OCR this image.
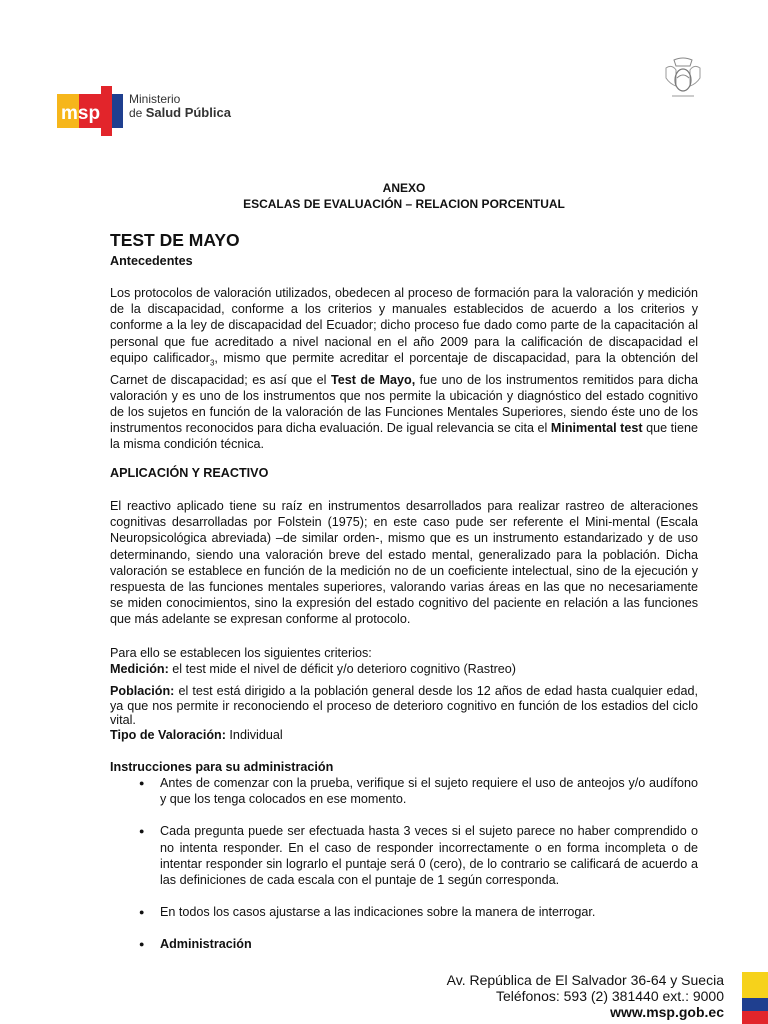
msp
Ministerio
de Salud Pública
ANEXO
ESCALAS DE EVALUACIÓN – RELACION PORCENTUAL
TEST DE MAYO
Antecedentes
Los protocolos de valoración utilizados, obedecen al proceso de formación para la valoración y medición de la discapacidad, conforme a los criterios y manuales establecidos de acuerdo a los criterios y conforme a la ley de discapacidad del Ecuador; dicho proceso fue dado como parte de la capacitación al personal que fue acreditado a nivel nacional en el año 2009 para la calificación de discapacidad el equipo calificador$_3$, mismo que permite acreditar el porcentaje de discapacidad, para la obtención del Carnet de discapacidad; es así que el Test de Mayo, fue uno de los instrumentos remitidos para dicha valoración y es uno de los instrumentos que nos permite la ubicación y diagnóstico del estado cognitivo de los sujetos en función de la valoración de las Funciones Mentales Superiores, siendo éste uno de los instrumentos reconocidos para dicha evaluación. De igual relevancia se cita el Minimental test que tiene la misma condición técnica.
APLICACIÓN Y REACTIVO
El reactivo aplicado tiene su raíz en instrumentos desarrollados para realizar rastreo de alteraciones cognitivas desarrolladas por Folstein (1975); en este caso pude ser referente el Mini-mental (Escala Neuropsicológica abreviada) –de similar orden-, mismo que es un instrumento estandarizado y de uso determinando, siendo una valoración breve del estado mental, generalizado para la población. Dicha valoración se establece en función de la medición no de un coeficiente intelectual, sino de la ejecución y respuesta de las funciones mentales superiores, valorando varias áreas en las que no necesariamente se miden conocimientos, sino la expresión del estado cognitivo del paciente en relación a las funciones que más adelante se expresan conforme al protocolo.
Para ello se establecen los siguientes criterios:
Medición: el test mide el nivel de déficit y/o deterioro cognitivo (Rastreo)
Población: el test está dirigido a la población general desde los 12 años de edad hasta cualquier edad, ya que nos permite ir reconociendo el proceso de deterioro cognitivo en función de los estadios del ciclo vital.
Tipo de Valoración: Individual
Instrucciones para su administración
● Antes de comenzar con la prueba, verifique si el sujeto requiere el uso de anteojos y/o audífono y que los tenga colocados en ese momento.
● Cada pregunta puede ser efectuada hasta 3 veces si el sujeto parece no haber comprendido o no intenta responder. En el caso de responder incorrectamente o en forma incompleta o de intentar responder sin lograrlo el puntaje será 0 (cero), de lo contrario se calificará de acuerdo a las definiciones de cada escala con el puntaje de 1 según corresponda.
● En todos los casos ajustarse a las indicaciones sobre la manera de interrogar.
● Administración
Av. República de El Salvador 36-64 y Suecia
Teléfonos: 593 (2) 381440 ext.: 9000
www.msp.gob.ec
